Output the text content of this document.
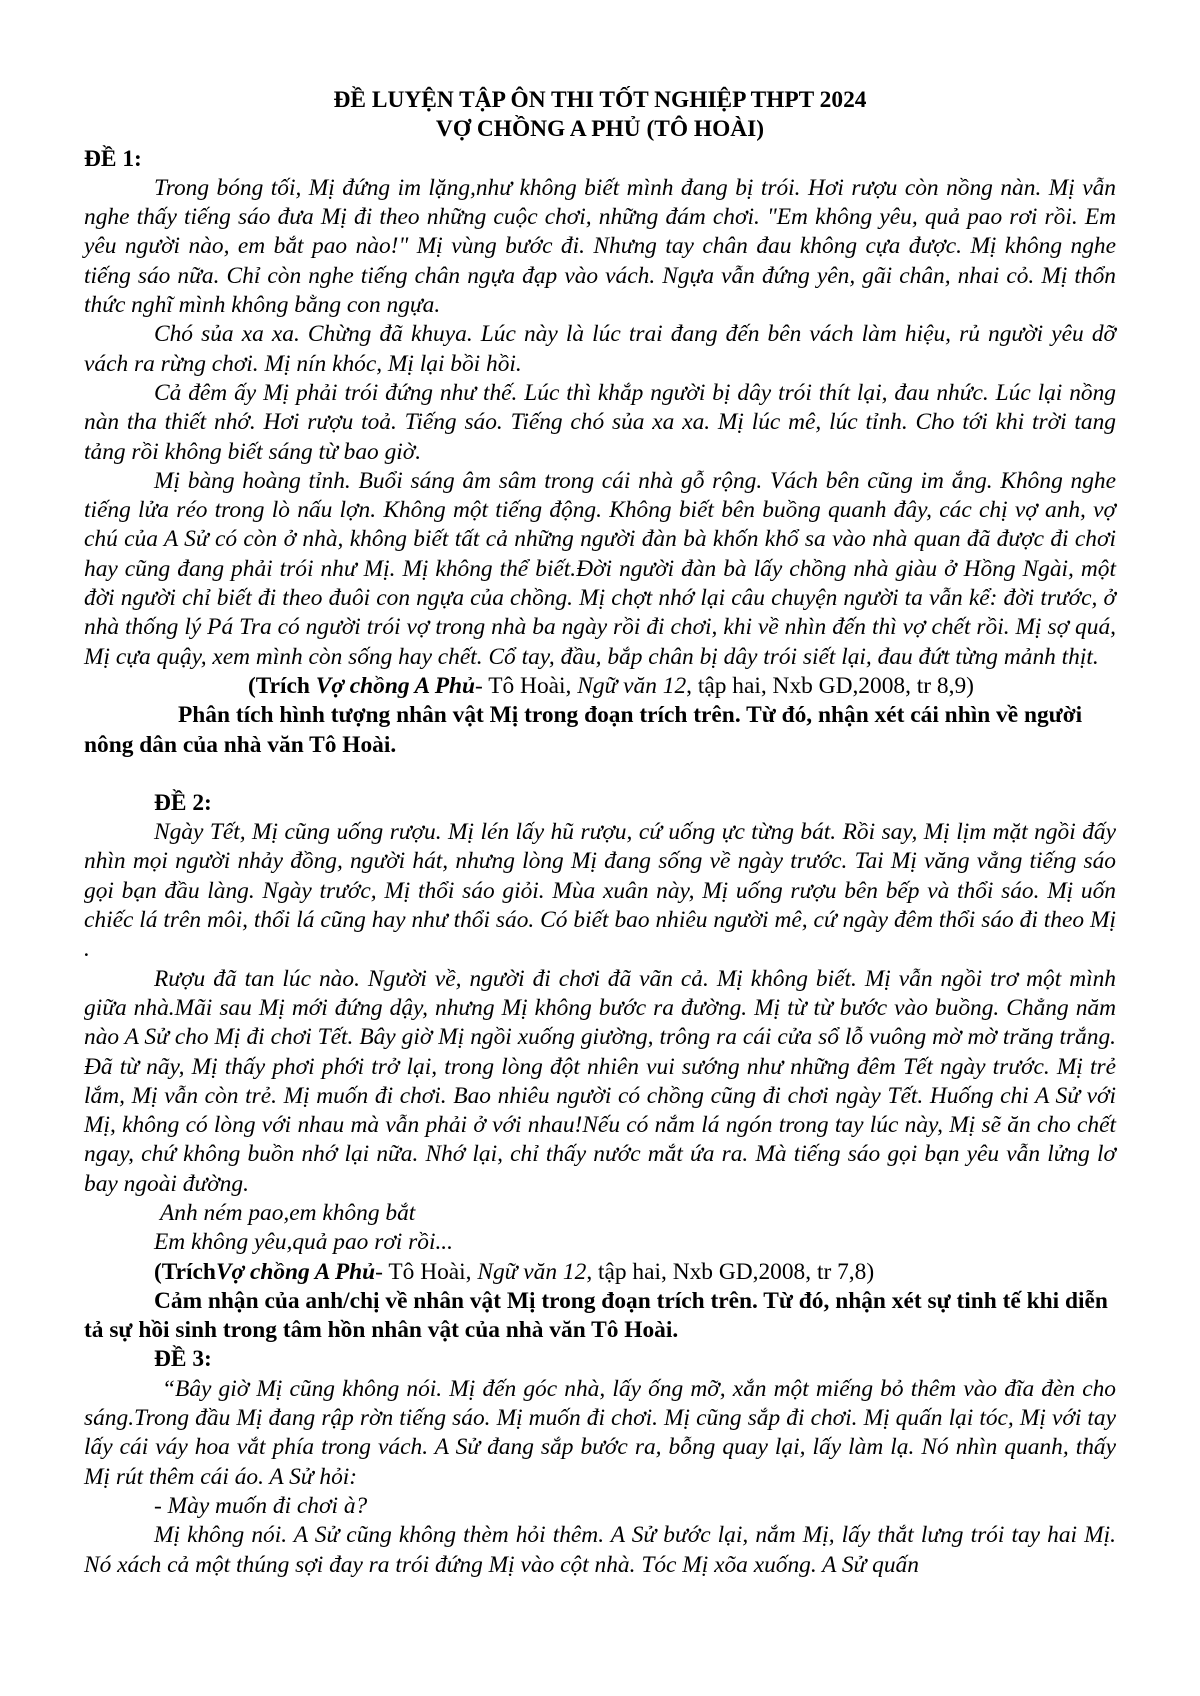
ĐỀ LUYỆN TẬP ÔN THI TỐT NGHIỆP THPT 2024
VỢ CHỒNG A PHỦ (TÔ HOÀI)
ĐỀ 1:

Trong bóng tối, Mị đứng im lặng,như không biết mình đang bị trói. Hơi rượu còn nồng nàn. Mị vẫn nghe thấy tiếng sáo đưa Mị đi theo những cuộc chơi, những đám chơi. "Em không yêu, quả pao rơi rồi. Em yêu người nào, em bắt pao nào!" Mị vùng bước đi. Nhưng tay chân đau không cựa được. Mị không nghe tiếng sáo nữa. Chỉ còn nghe tiếng chân ngựa đạp vào vách. Ngựa vẫn đứng yên, gãi chân, nhai cỏ. Mị thổn thức nghĩ mình không bằng con ngựa.

Chó sủa xa xa. Chừng đã khuya. Lúc này là lúc trai đang đến bên vách làm hiệu, rủ người yêu dỡ vách ra rừng chơi. Mị nín khóc, Mị lại bồi hồi.

Cả đêm ấy Mị phải trói đứng như thế. Lúc thì khắp người bị dây trói thít lại, đau nhức. Lúc lại nồng nàn tha thiết nhớ. Hơi rượu toả. Tiếng sáo. Tiếng chó sủa xa xa. Mị lúc mê, lúc tỉnh. Cho tới khi trời tang tảng rồi không biết sáng từ bao giờ.

Mị bàng hoàng tỉnh. Buổi sáng âm sâm trong cái nhà gỗ rộng. Vách bên cũng im ắng. Không nghe tiếng lửa réo trong lò nấu lợn. Không một tiếng động. Không biết bên buồng quanh đây, các chị vợ anh, vợ chú của A Sử có còn ở nhà, không biết tất cả những người đàn bà khốn khổ sa vào nhà quan đã được đi chơi hay cũng đang phải trói như Mị. Mị không thể biết.Đời người đàn bà lấy chồng nhà giàu ở Hồng Ngài, một đời người chỉ biết đi theo đuôi con ngựa của chồng. Mị chợt nhớ lại câu chuyện người ta vẫn kể: đời trước, ở nhà thống lý Pá Tra có người trói vợ trong nhà ba ngày rồi đi chơi, khi về nhìn đến thì vợ chết rồi. Mị sợ quá, Mị cựa quậy, xem mình còn sống hay chết. Cổ tay, đầu, bắp chân bị dây trói siết lại, đau đứt từng mảnh thịt.

(Trích Vợ chồng A Phủ- Tô Hoài, Ngữ văn 12, tập hai, Nxb GD,2008, tr 8,9)

Phân tích hình tượng nhân vật Mị trong đoạn trích trên. Từ đó, nhận xét cái nhìn về người
nông dân của nhà văn Tô Hoài.
ĐỀ 2:

Ngày Tết, Mị cũng uống rượu. Mị lén lấy hũ rượu, cứ uống ực từng bát. Rồi say, Mị lịm mặt ngồi đấy nhìn mọi người nhảy đồng, người hát, nhưng lòng Mị đang sống về ngày trước. Tai Mị văng vẳng tiếng sáo gọi bạn đầu làng. Ngày trước, Mị thổi sáo giỏi. Mùa xuân này, Mị uống rượu bên bếp và thổi sáo. Mị uốn chiếc lá trên môi, thổi lá cũng hay như thổi sáo. Có biết bao nhiêu người mê, cứ ngày đêm thổi sáo đi theo Mị .

Rượu đã tan lúc nào. Người về, người đi chơi đã vãn cả. Mị không biết. Mị vẫn ngồi trơ một mình giữa nhà.Mãi sau Mị mới đứng dậy, nhưng Mị không bước ra đường. Mị từ từ bước vào buồng. Chẳng năm nào A Sử cho Mị đi chơi Tết. Bây giờ Mị ngồi xuống giường, trông ra cái cửa sổ lỗ vuông mờ mờ trăng trắng. Đã từ nãy, Mị thấy phơi phới trở lại, trong lòng đột nhiên vui sướng như những đêm Tết ngày trước. Mị trẻ lắm, Mị vẫn còn trẻ. Mị muốn đi chơi. Bao nhiêu người có chồng cũng đi chơi ngày Tết. Huống chi A Sử với Mị, không có lòng với nhau mà vẫn phải ở với nhau!Nếu có nắm lá ngón trong tay lúc này, Mị sẽ ăn cho chết ngay, chứ không buồn nhớ lại nữa. Nhớ lại, chỉ thấy nước mắt ứa ra. Mà tiếng sáo gọi bạn yêu vẫn lửng lơ bay ngoài đường.

Anh ném pao,em không bắt

Em không yêu,quả pao rơi rồi...

(TríchVợ chồng A Phủ- Tô Hoài, Ngữ văn 12, tập hai, Nxb GD,2008, tr 7,8)

Cảm nhận của anh/chị về nhân vật Mị trong đoạn trích trên. Từ đó, nhận xét sự tinh tế khi diễn
tả sự hồi sinh trong tâm hồn nhân vật của nhà văn Tô Hoài.
ĐỀ 3:

“Bây giờ Mị cũng không nói. Mị đến góc nhà, lấy ống mỡ, xắn một miếng bỏ thêm vào đĩa đèn cho sáng.Trong đầu Mị đang rập rờn tiếng sáo. Mị muốn đi chơi. Mị cũng sắp đi chơi. Mị quấn lại tóc, Mị với tay lấy cái váy hoa vắt phía trong vách. A Sử đang sắp bước ra, bỗng quay lại, lấy làm lạ. Nó nhìn quanh, thấy Mị rút thêm cái áo. A Sử hỏi:

- Mày muốn đi chơi à?

Mị không nói. A Sử cũng không thèm hỏi thêm. A Sử bước lại, nắm Mị, lấy thắt lưng trói tay hai Mị. Nó xách cả một thúng sợi đay ra trói đứng Mị vào cột nhà. Tóc Mị xõa xuống. A Sử quấn
